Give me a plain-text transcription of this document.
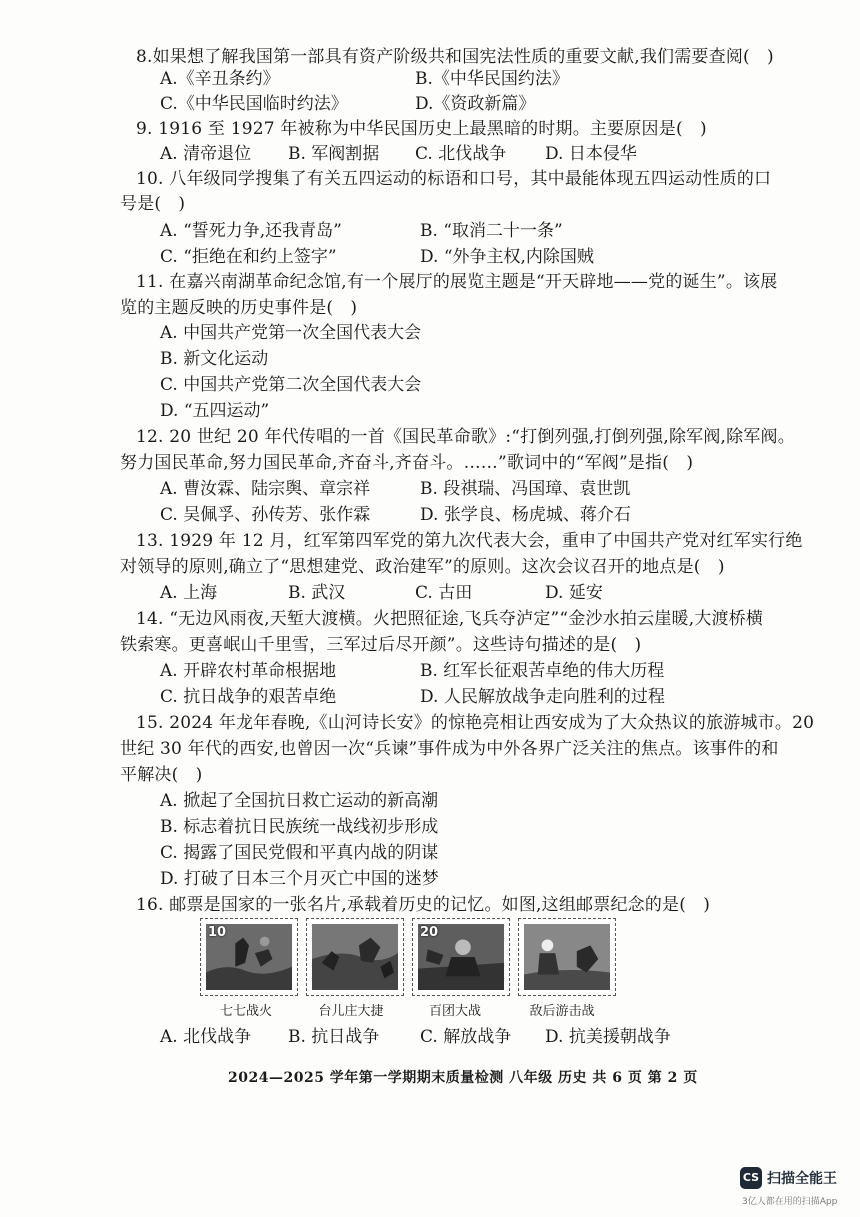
8.如果想了解我国第一部具有资产阶级共和国宪法性质的重要文献,我们需要查阅(　)
A.《辛丑条约》	B.《中华民国约法》
C.《中华民国临时约法》	D.《资政新篇》
9. 1916 至 1927 年被称为中华民国历史上最黑暗的时期。主要原因是(　)
A. 清帝退位 B. 军阀割据 C. 北伐战争 D. 日本侵华
10. 八年级同学搜集了有关五四运动的标语和口号，其中最能体现五四运动性质的口
号是(　)
A. “誓死力争,还我青岛”	B. “取消二十一条”
C. “拒绝在和约上签字”	D. “外争主权,内除国贼
11. 在嘉兴南湖革命纪念馆,有一个展厅的展览主题是“开天辟地——党的诞生”。该展
览的主题反映的历史事件是(　)
A. 中国共产党第一次全国代表大会
B. 新文化运动
C. 中国共产党第二次全国代表大会
D. “五四运动”
12. 20 世纪 20 年代传唱的一首《国民革命歌》:“打倒列强,打倒列强,除军阀,除军阀。
努力国民革命,努力国民革命,齐奋斗,齐奋斗。……”歌词中的“军阀”是指(　)
A. 曹汝霖、陆宗舆、章宗祥	B. 段祺瑞、冯国璋、袁世凯
C. 吴佩孚、孙传芳、张作霖	D. 张学良、杨虎城、蒋介石
13. 1929 年 12 月，红军第四军党的第九次代表大会，重申了中国共产党对红军实行绝
对领导的原则,确立了“思想建党、政治建军”的原则。这次会议召开的地点是(　)
A. 上海	B. 武汉	C. 古田	D. 延安
14. “无边风雨夜,天堑大渡横。火把照征途,飞兵夺泸定”“金沙水拍云崖暖,大渡桥横
铁索寒。更喜岷山千里雪，三军过后尽开颜”。这些诗句描述的是(　)
A. 开辟农村革命根据地	B. 红军长征艰苦卓绝的伟大历程
C. 抗日战争的艰苦卓绝	D. 人民解放战争走向胜利的过程
15. 2024 年龙年春晚,《山河诗长安》的惊艳亮相让西安成为了大众热议的旅游城市。20
世纪 30 年代的西安,也曾因一次“兵谏”事件成为中外各界广泛关注的焦点。该事件的和
平解决(　)
A. 掀起了全国抗日救亡运动的新高潮
B. 标志着抗日民族统一战线初步形成
C. 揭露了国民党假和平真内战的阴谋
D. 打破了日本三个月灭亡中国的迷梦
16. 邮票是国家的一张名片,承载着历史的记忆。如图,这组邮票纪念的是(　)
10	20
七七战火	台儿庄大捷	百团大战	敌后游击战
A. 北伐战争 B. 抗日战争 C. 解放战争 D. 抗美援朝战争
2024—2025 学年第一学期期末质量检测 八年级 历史 共 6 页 第 2 页
CS 扫描全能王
3亿人都在用的扫描App
